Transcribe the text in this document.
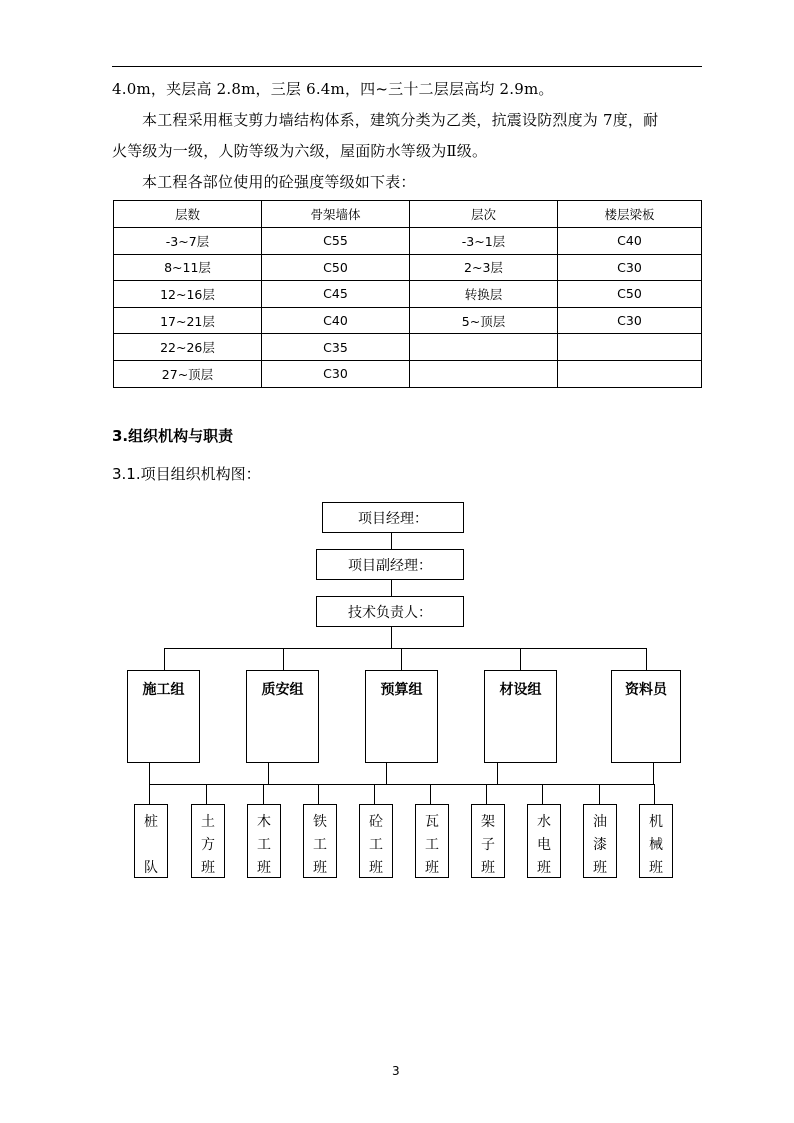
4.0m，夹层高 2.8m，三层 6.4m，四~三十二层层高均 2.9m。
本工程采用框支剪力墙结构体系，建筑分类为乙类，抗震设防烈度为 7度，耐
火等级为一级，人防等级为六级，屋面防水等级为Ⅱ级。
本工程各部位使用的砼强度等级如下表：
层数	骨架墙体	层次	楼层梁板
-3~7层	C55	-3~1层	C40
8~11层	C50	2~3层	C30
12~16层	C45	转换层	C50
17~21层	C40	5~顶层	C30
22~26层	C35		
27~顶层	C30		
3.组织机构与职责
3.1.项目组织机构图：
项目经理：
项目副经理：
技术负责人：
施工组	质安组	预算组	材设组	资料员
桩

队
土方班
木工班
铁工班
砼工班
瓦工班
架子班
水电班
油漆班
机械班
3
